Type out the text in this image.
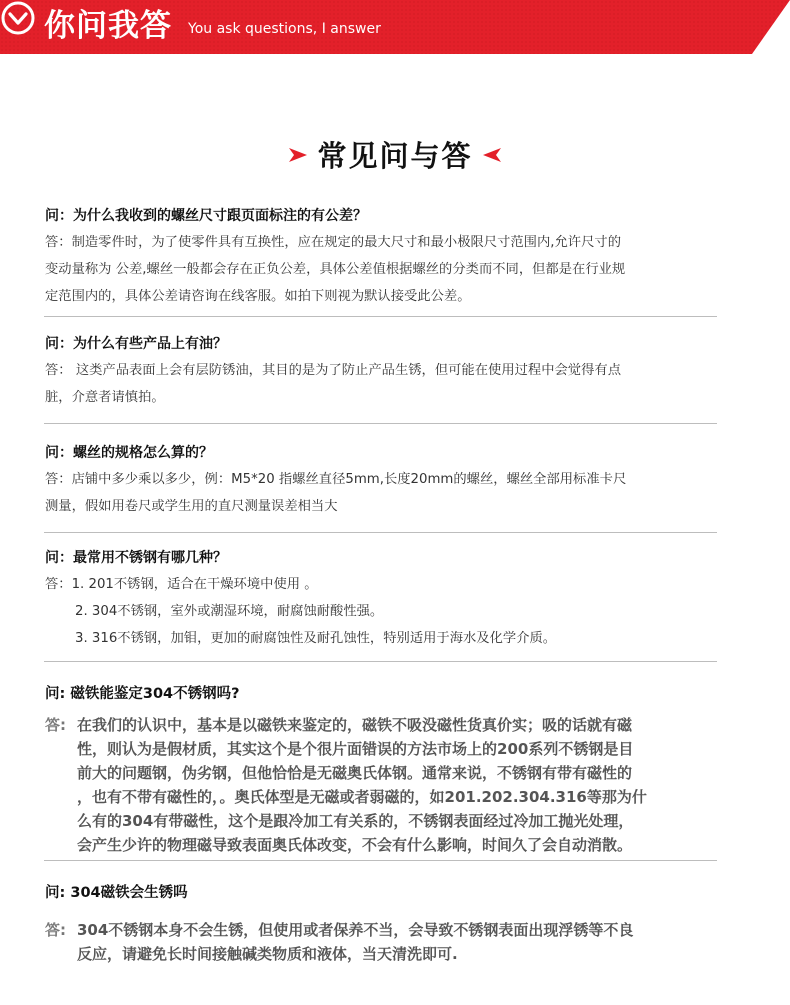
你问我答 You ask questions, I answer
常见问与答
问：为什么我收到的螺丝尺寸跟页面标注的有公差？
答：制造零件时，为了使零件具有互换性，应在规定的最大尺寸和最小极限尺寸范围内,允许尺寸的
变动量称为 公差,螺丝一般都会存在正负公差，具体公差值根据螺丝的分类而不同，但都是在行业规
定范围内的，具体公差请咨询在线客服。如拍下则视为默认接受此公差。
问：为什么有些产品上有油？
答： 这类产品表面上会有层防锈油，其目的是为了防止产品生锈，但可能在使用过程中会觉得有点
脏，介意者请慎拍。
问：螺丝的规格怎么算的？
答：店铺中多少乘以多少，例：M5*20 指螺丝直径5mm,长度20mm的螺丝，螺丝全部用标准卡尺
测量，假如用卷尺或学生用的直尺测量误差相当大
问：最常用不锈钢有哪几种？
答：1. 201不锈钢，适合在干燥环境中使用 。
2. 304不锈钢，室外或潮湿环境，耐腐蚀耐酸性强。
3. 316不锈钢，加钼，更加的耐腐蚀性及耐孔蚀性，特别适用于海水及化学介质。
问: 磁铁能鉴定304不锈钢吗?
答: 在我们的认识中，基本是以磁铁来鉴定的，磁铁不吸没磁性货真价实；吸的话就有磁
性，则认为是假材质，其实这个是个很片面错误的方法市场上的200系列不锈钢是目
前大的问题钢，伪劣钢，但他恰恰是无磁奥氏体钢。通常来说，不锈钢有带有磁性的
，也有不带有磁性的，。奥氏体型是无磁或者弱磁的，如201.202.304.316等那为什
么有的304有带磁性，这个是跟冷加工有关系的，不锈钢表面经过冷加工抛光处理，
会产生少许的物理磁导致表面奥氏体改变，不会有什么影响，时间久了会自动消散。
问: 304磁铁会生锈吗
答: 304不锈钢本身不会生锈，但使用或者保养不当，会导致不锈钢表面出现浮锈等不良
反应，请避免长时间接触碱类物质和液体，当天清洗即可.
